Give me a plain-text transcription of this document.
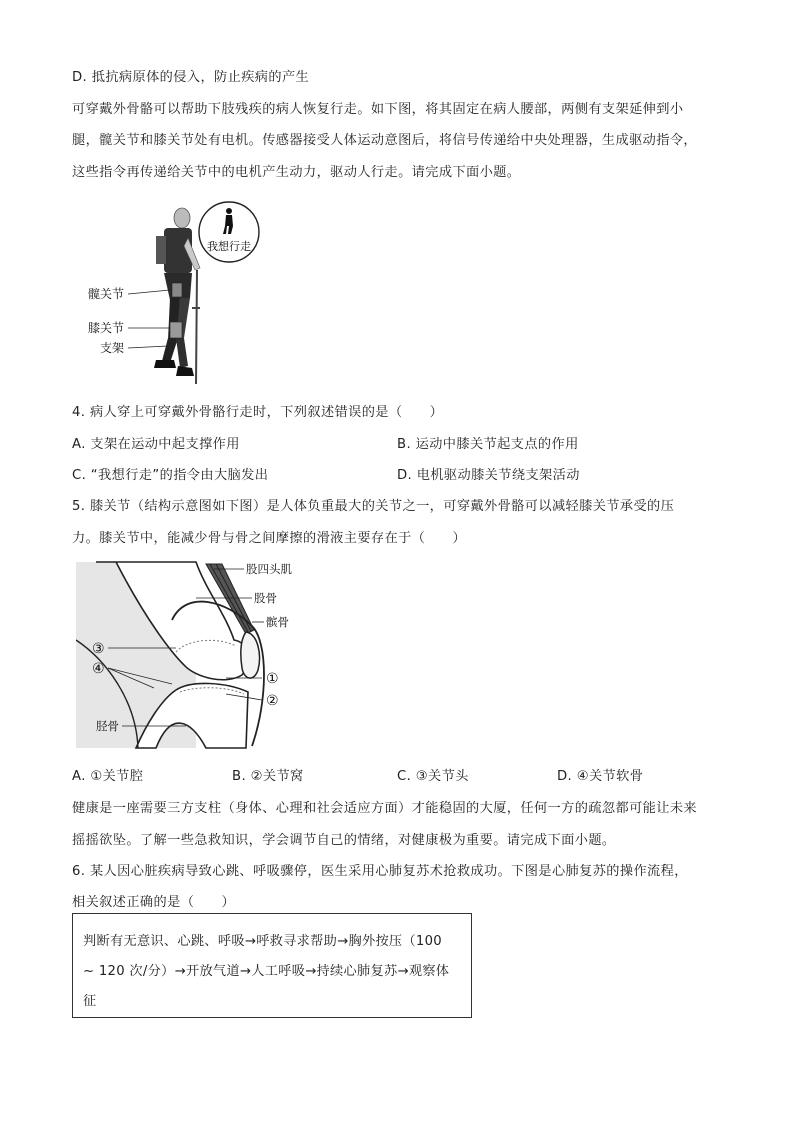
D. 抵抗病原体的侵入，防止疾病的产生
可穿戴外骨骼可以帮助下肢残疾的病人恢复行走。如下图，将其固定在病人腰部，两侧有支架延伸到小
腿，髋关节和膝关节处有电机。传感器接受人体运动意图后，将信号传递给中央处理器，生成驱动指令，
这些指令再传递给关节中的电机产生动力，驱动人行走。请完成下面小题。
我想行走
髋关节
膝关节
支架
4. 病人穿上可穿戴外骨骼行走时，下列叙述错误的是（　　）
A. 支架在运动中起支撑作用	B. 运动中膝关节起支点的作用
C. “我想行走”的指令由大脑发出	D. 电机驱动膝关节绕支架活动
5. 膝关节（结构示意图如下图）是人体负重最大的关节之一，可穿戴外骨骼可以减轻膝关节承受的压
力。膝关节中，能减少骨与骨之间摩擦的滑液主要存在于（　　）
股四头肌
股骨
髌骨
①
②
③
④
胫骨
A. ①关节腔	B. ②关节窝	C. ③关节头	D. ④关节软骨
健康是一座需要三方支柱（身体、心理和社会适应方面）才能稳固的大厦，任何一方的疏忽都可能让未来
摇摇欲坠。了解一些急救知识，学会调节自己的情绪，对健康极为重要。请完成下面小题。
6. 某人因心脏疾病导致心跳、呼吸骤停，医生采用心肺复苏术抢救成功。下图是心肺复苏的操作流程，
相关叙述正确的是（　　）
判断有无意识、心跳、呼吸→呼救寻求帮助→胸外按压（100
~ 120 次/分）→开放气道→人工呼吸→持续心肺复苏→观察体
征
